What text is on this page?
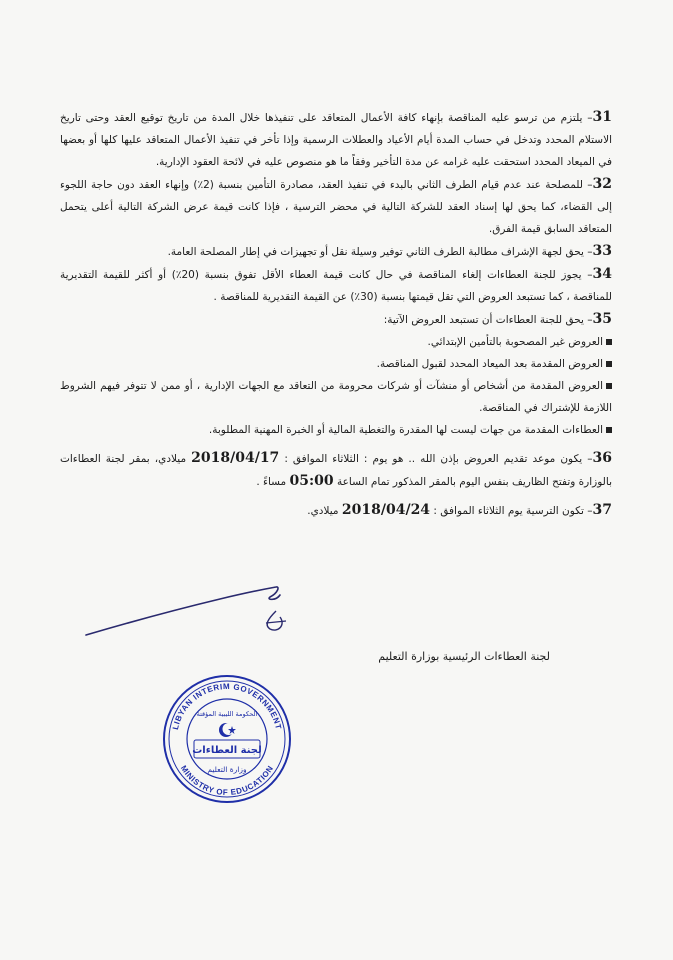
31– يلتزم من ترسو عليه المناقصة بإنهاء كافة الأعمال المتعاقد على تنفيذها خلال المدة من تاريخ توقيع العقد وحتى تاريخ الاستلام المحدد وتدخل في حساب المدة أيام الأعياد والعطلات الرسمية وإذا تأخر في تنفيذ الأعمال المتعاقد عليها كلها أو بعضها في الميعاد المحدد استحقت عليه غرامه عن مدة التأخير وفقاً ما هو منصوص عليه في لائحة العقود الإدارية.

32– للمصلحة عند عدم قيام الطرف الثاني بالبدء في تنفيذ العقد، مصادرة التأمين بنسبة (2٪) وإنهاء العقد دون حاجة اللجوء إلى القضاء، كما يحق لها إسناد العقد للشركة التالية في محضر الترسية ، فإذا كانت قيمة عرض الشركة التالية أعلى يتحمل المتعاقد السابق قيمة الفرق.

33– يحق لجهة الإشراف مطالبة الطرف الثاني توفير وسيلة نقل أو تجهيزات في إطار المصلحة العامة.

34– يجوز للجنة العطاءات إلغاء المناقصة في حال كانت قيمة العطاء الأقل تفوق بنسبة (20٪) أو أكثر للقيمة التقديرية للمناقصة ، كما تستبعد العروض التي تقل قيمتها بنسبة (30٪) عن القيمة التقديرية للمناقصة .

35– يحق للجنة العطاءات أن تستبعد العروض الآتية:

العروض غير المصحوبة بالتأمين الإبتدائي.
العروض المقدمة بعد الميعاد المحدد لقبول المناقصة.
العروض المقدمة من أشخاص أو منشآت أو شركات محرومة من التعاقد مع الجهات الإدارية ، أو ممن لا تتوفر فيهم الشروط اللازمة للإشتراك في المناقصة.
العطاءات المقدمة من جهات ليست لها المقدرة والتغطية المالية أو الخبرة المهنية المطلوبة.

36– يكون موعد تقديم العروض بإذن الله .. هو يوم : الثلاثاء الموافق : 2018/04/17 ميلادي، بمقر لجنة العطاءات بالوزارة وتفتح الظاريف بنفس اليوم بالمقر المذكور تمام الساعة 05:00 مساءً .

37– تكون الترسية يوم الثلاثاء الموافق : 2018/04/24 ميلادي.

لجنة العطاءات الرئيسية بوزارة التعليم
LIBYAN INTERIM GOVERNMENT
MINISTRY OF EDUCATION
الحكومة الليبية المؤقتة
لجنة العطاءات
وزارة التعليم
